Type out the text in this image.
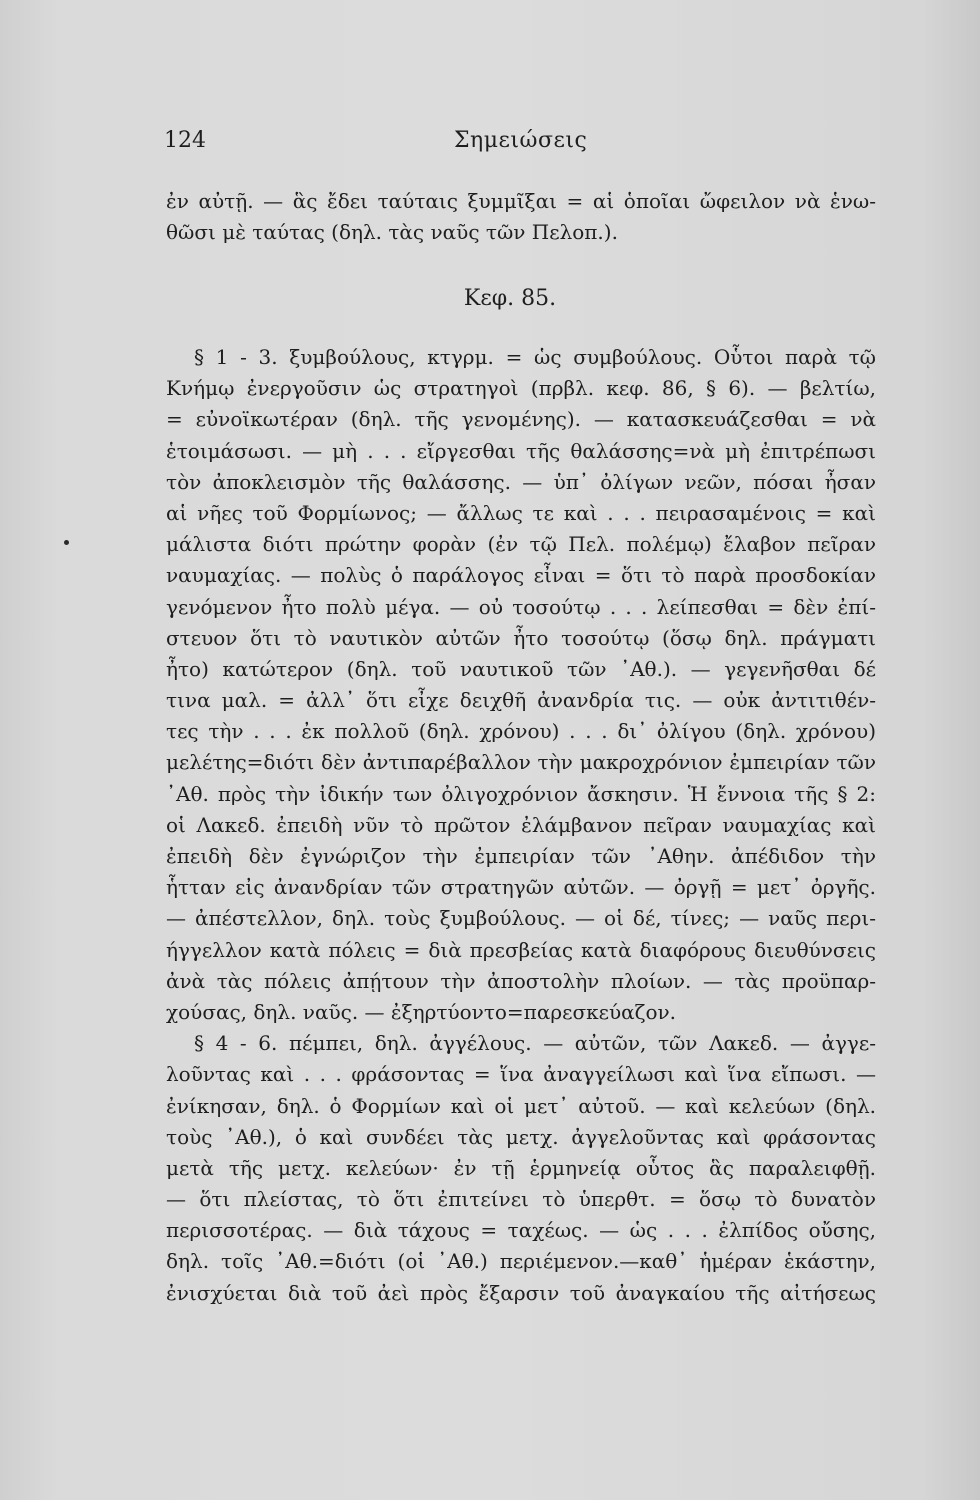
124	Σημειώσεις
ἐν αὐτῇ. — ἃς ἔδει ταύταις ξυμμῖξαι = αἱ ὁποῖαι ὤφειλον νὰ ἑνω-
θῶσι μὲ ταύτας (δηλ. τὰς ναῦς τῶν Πελοπ.).
Κεφ. 85.
§ 1 - 3. ξυμβούλους, κτγρμ. = ὡς συμβούλους. Οὗτοι παρὰ τῷ
Κνήμῳ ἐνεργοῦσιν ὡς στρατηγοὶ (πρβλ. κεφ. 86, § 6). — βελτίω,
= εὐνοϊκωτέραν (δηλ. τῆς γενομένης). — κατασκευάζεσθαι = νὰ
ἑτοιμάσωσι. — μὴ . . . εἴργεσθαι τῆς θαλάσσης=νὰ μὴ ἐπιτρέπωσι
τὸν ἀποκλεισμὸν τῆς θαλάσσης. — ὑπ᾿ ὀλίγων νεῶν, πόσαι ἦσαν
αἱ νῆες τοῦ Φορμίωνος; — ἄλλως τε καὶ . . . πειρασαμένοις = καὶ
μάλιστα διότι πρώτην φορὰν (ἐν τῷ Πελ. πολέμῳ) ἔλαβον πεῖραν
ναυμαχίας. — πολὺς ὁ παράλογος εἶναι = ὅτι τὸ παρὰ προσδοκίαν
γενόμενον ἦτο πολὺ μέγα. — οὐ τοσούτῳ . . . λείπεσθαι = δὲν ἐπί-
στευον ὅτι τὸ ναυτικὸν αὐτῶν ἦτο τοσούτῳ (ὅσῳ δηλ. πράγματι
ἦτο) κατώτερον (δηλ. τοῦ ναυτικοῦ τῶν ᾿Αθ.). — γεγενῆσθαι δέ
τινα μαλ. = ἀλλ᾿ ὅτι εἶχε δειχθῆ ἀνανδρία τις. — οὐκ ἀντιτιθέν-
τες τὴν . . . ἐκ πολλοῦ (δηλ. χρόνου) . . . δι᾿ ὀλίγου (δηλ. χρόνου)
μελέτης=διότι δὲν ἀντιπαρέβαλλον τὴν μακροχρόνιον ἐμπειρίαν τῶν
᾿Αθ. πρὸς τὴν ἰδικήν των ὀλιγοχρόνιον ἄσκησιν. Ἡ ἔννοια τῆς § 2:
οἱ Λακεδ. ἐπειδὴ νῦν τὸ πρῶτον ἐλάμβανον πεῖραν ναυμαχίας καὶ
ἐπειδὴ δὲν ἐγνώριζον τὴν ἐμπειρίαν τῶν ᾿Αθην. ἀπέδιδον τὴν
ἧτταν εἰς ἀνανδρίαν τῶν στρατηγῶν αὐτῶν. — ὀργῇ = μετ᾿ ὀργῆς.
— ἀπέστελλον, δηλ. τοὺς ξυμβούλους. — οἱ δέ, τίνες; — ναῦς περι-
ήγγελλον κατὰ πόλεις = διὰ πρεσβείας κατὰ διαφόρους διευθύνσεις
ἀνὰ τὰς πόλεις ἀπῄτουν τὴν ἀποστολὴν πλοίων. — τὰς προϋπαρ-
χούσας, δηλ. ναῦς. — ἐξηρτύοντο=παρεσκεύαζον.
§ 4 - 6. πέμπει, δηλ. ἀγγέλους. — αὐτῶν, τῶν Λακεδ. — ἀγγε-
λοῦντας καὶ . . . φράσοντας = ἵνα ἀναγγείλωσι καὶ ἵνα εἴπωσι. —
ἐνίκησαν, δηλ. ὁ Φορμίων καὶ οἱ μετ᾿ αὐτοῦ. — καὶ κελεύων (δηλ.
τοὺς ᾿Αθ.), ὁ καὶ συνδέει τὰς μετχ. ἀγγελοῦντας καὶ φράσοντας
μετὰ τῆς μετχ. κελεύων· ἐν τῇ ἑρμηνείᾳ οὗτος ἃς παραλειφθῇ.
— ὅτι πλείστας, τὸ ὅτι ἐπιτείνει τὸ ὑπερθτ. = ὅσῳ τὸ δυνατὸν
περισσοτέρας. — διὰ τάχους = ταχέως. — ὡς . . . ἐλπίδος οὔσης,
δηλ. τοῖς ᾿Αθ.=διότι (οἱ ᾿Αθ.) περιέμενον.—καθ᾿ ἡμέραν ἑκάστην,
ἐνισχύεται διὰ τοῦ ἀεὶ πρὸς ἔξαρσιν τοῦ ἀναγκαίου τῆς αἰτήσεως
